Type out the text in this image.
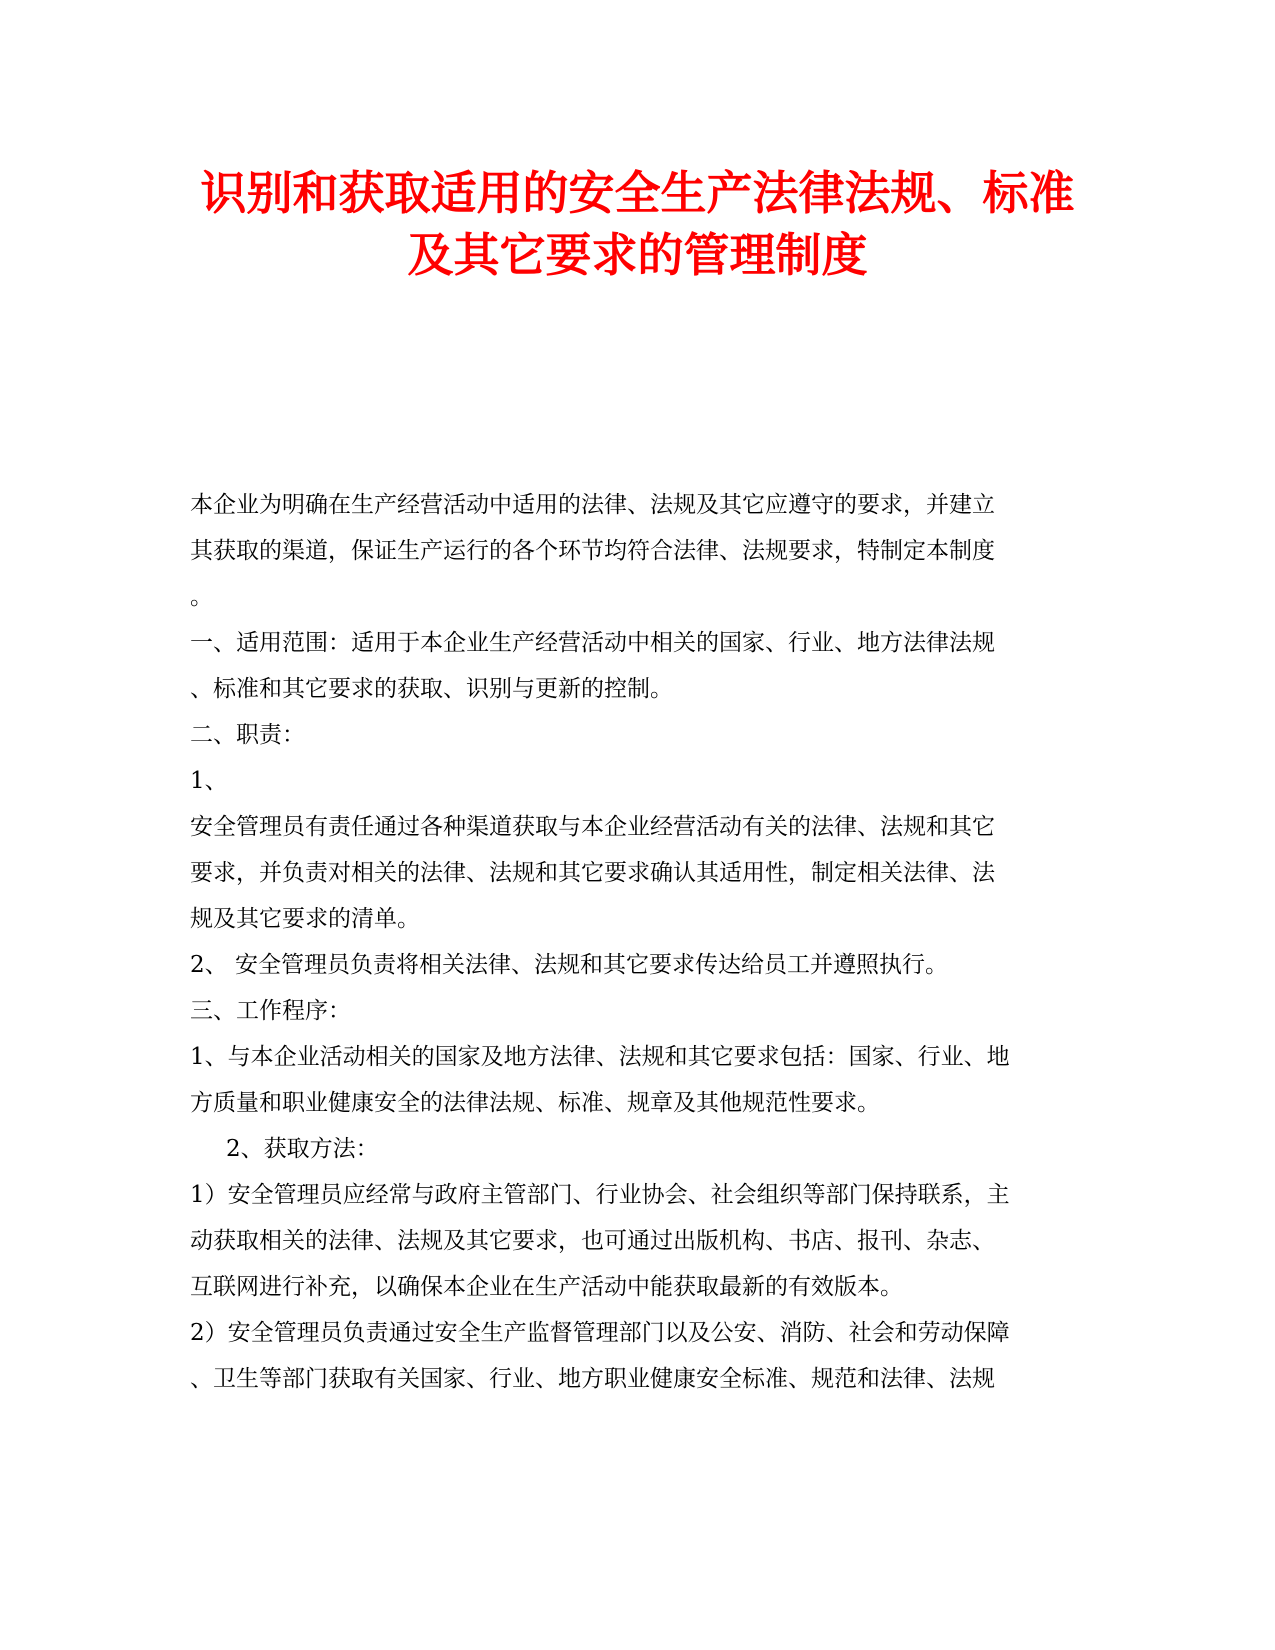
识别和获取适用的安全生产法律法规、标准
及其它要求的管理制度
本企业为明确在生产经营活动中适用的法律、法规及其它应遵守的要求，并建立
其获取的渠道，保证生产运行的各个环节均符合法律、法规要求，特制定本制度
。
一、适用范围：适用于本企业生产经营活动中相关的国家、行业、地方法律法规
、标准和其它要求的获取、识别与更新的控制。
二、职责：
1、
安全管理员有责任通过各种渠道获取与本企业经营活动有关的法律、法规和其它
要求，并负责对相关的法律、法规和其它要求确认其适用性，制定相关法律、法
规及其它要求的清单。
2、 安全管理员负责将相关法律、法规和其它要求传达给员工并遵照执行。
三、工作程序：
1、与本企业活动相关的国家及地方法律、法规和其它要求包括：国家、行业、地
方质量和职业健康安全的法律法规、标准、规章及其他规范性要求。
2、获取方法：
1）安全管理员应经常与政府主管部门、行业协会、社会组织等部门保持联系，主
动获取相关的法律、法规及其它要求，也可通过出版机构、书店、报刊、杂志、
互联网进行补充，以确保本企业在生产活动中能获取最新的有效版本。
2）安全管理员负责通过安全生产监督管理部门以及公安、消防、社会和劳动保障
、卫生等部门获取有关国家、行业、地方职业健康安全标准、规范和法律、法规
